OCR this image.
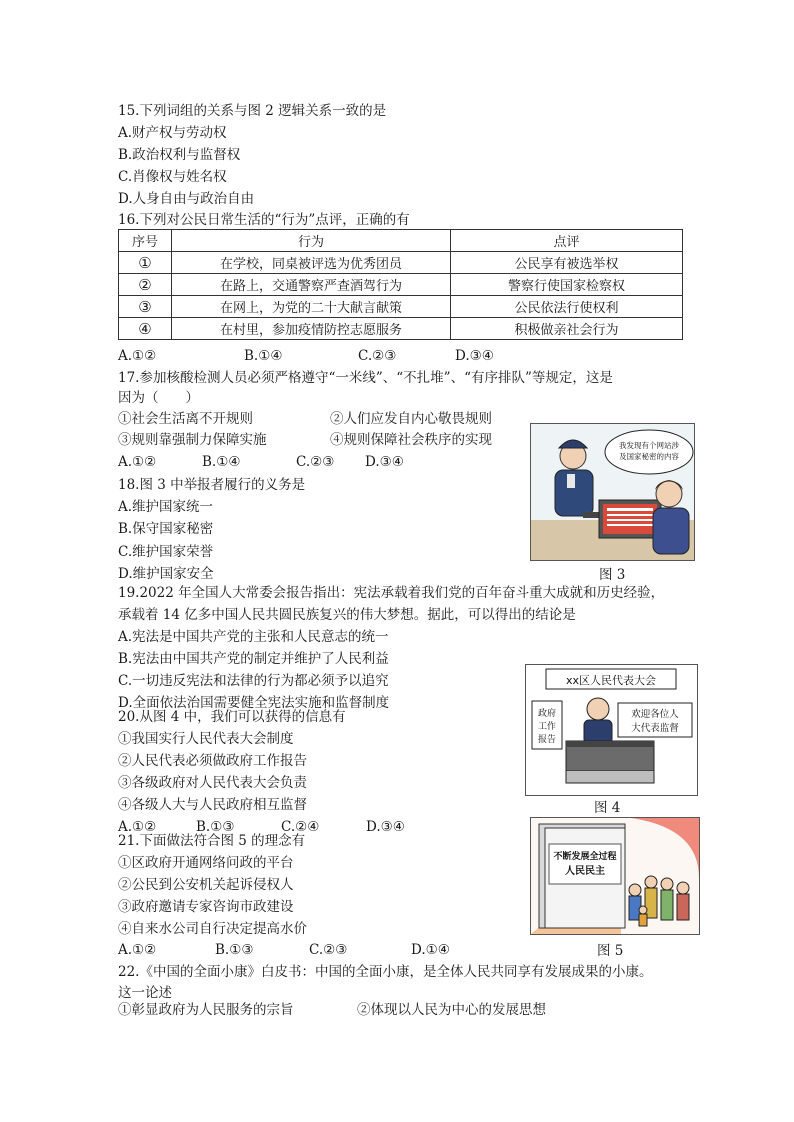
15.下列词组的关系与图 2 逻辑关系一致的是
A.财产权与劳动权
B.政治权利与监督权
C.肖像权与姓名权
D.人身自由与政治自由
16.下列对公民日常生活的“行为”点评，正确的有
序号	行为	点评
①	在学校，同桌被评选为优秀团员	公民享有被选举权
②	在路上，交通警察严查酒驾行为	警察行使国家检察权
③	在网上，为党的二十大献言献策	公民依法行使权利
④	在村里，参加疫情防控志愿服务	积极做亲社会行为
A.①②	B.①④	C.②③	D.③④
17.参加核酸检测人员必须严格遵守“一米线”、“不扎堆”、“有序排队”等规定，这是
因为（　　）
①社会生活离不开规则	②人们应发自内心敬畏规则
③规则靠强制力保障实施	④规则保障社会秩序的实现
A.①②	B.①④	C.②③ D.③④
18.图 3 中举报者履行的义务是
A.维护国家统一
B.保守国家秘密
C.维护国家荣誉
D.维护国家安全
我发现有个网站涉
及国家秘密的内容
图 3
19.2022 年全国人大常委会报告指出：宪法承载着我们党的百年奋斗重大成就和历史经验，
承载着 14 亿多中国人民共圆民族复兴的伟大梦想。据此，可以得出的结论是
A.宪法是中国共产党的主张和人民意志的统一
B.宪法由中国共产党的制定并维护了人民利益
C.一切违反宪法和法律的行为都必须予以追究
D.全面依法治国需要健全宪法实施和监督制度
xx区人民代表大会
政府
工作
报告
欢迎各位人
大代表监督
图 4
20.从图 4 中，我们可以获得的信息有
①我国实行人民代表大会制度
②人民代表必须做政府工作报告
③各级政府对人民代表大会负责
④各级人大与人民政府相互监督
A.①②	B.①③	C.②④	D.③④
不断发展全过程
人民民主
图 5
21.下面做法符合图 5 的理念有
①区政府开通网络问政的平台
②公民到公安机关起诉侵权人
③政府邀请专家咨询市政建设
④自来水公司自行决定提高水价
A.①②	B.①③	C.②③	D.①④
22.《中国的全面小康》白皮书：中国的全面小康，是全体人民共同享有发展成果的小康。
这一论述
①彰显政府为人民服务的宗旨	②体现以人民为中心的发展思想
